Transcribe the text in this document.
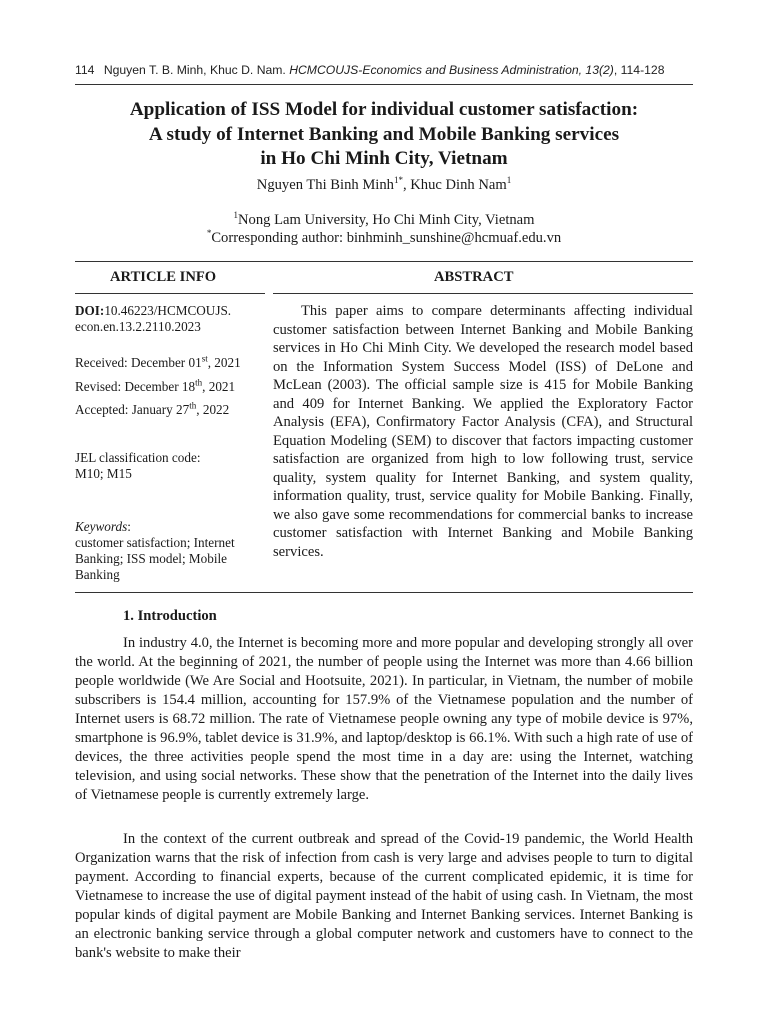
114 Nguyen T. B. Minh, Khuc D. Nam. HCMCOUJS-Economics and Business Administration, 13(2), 114-128
Application of ISS Model for individual customer satisfaction:
A study of Internet Banking and Mobile Banking services
in Ho Chi Minh City, Vietnam
Nguyen Thi Binh Minh$^{1*}$, Khuc Dinh Nam$^1$
$^1$Nong Lam University, Ho Chi Minh City, Vietnam
*Corresponding author: binhminh_sunshine@hcmuaf.edu.vn
ARTICLE INFO	ABSTRACT
DOI:10.46223/HCMCOUJS.
econ.en.13.2.2110.2023
Received: December 01st, 2021
Revised: December 18th, 2021
Accepted: January 27th, 2022
JEL classification code:
M10; M15
Keywords:
customer satisfaction; Internet Banking; ISS model; Mobile Banking
This paper aims to compare determinants affecting individual customer satisfaction between Internet Banking and Mobile Banking services in Ho Chi Minh City. We developed the research model based on the Information System Success Model (ISS) of DeLone and McLean (2003). The official sample size is 415 for Mobile Banking and 409 for Internet Banking. We applied the Exploratory Factor Analysis (EFA), Confirmatory Factor Analysis (CFA), and Structural Equation Modeling (SEM) to discover that factors impacting customer satisfaction are organized from high to low following trust, service quality, system quality for Internet Banking, and system quality, information quality, trust, service quality for Mobile Banking. Finally, we also gave some recommendations for commercial banks to increase customer satisfaction with Internet Banking and Mobile Banking services.
1. Introduction
In industry 4.0, the Internet is becoming more and more popular and developing strongly all over the world. At the beginning of 2021, the number of people using the Internet was more than 4.66 billion people worldwide (We Are Social and Hootsuite, 2021). In particular, in Vietnam, the number of mobile subscribers is 154.4 million, accounting for 157.9% of the Vietnamese population and the number of Internet users is 68.72 million. The rate of Vietnamese people owning any type of mobile device is 97%, smartphone is 96.9%, tablet device is 31.9%, and laptop/desktop is 66.1%. With such a high rate of use of devices, the three activities people spend the most time in a day are: using the Internet, watching television, and using social networks. These show that the penetration of the Internet into the daily lives of Vietnamese people is currently extremely large.
In the context of the current outbreak and spread of the Covid-19 pandemic, the World Health Organization warns that the risk of infection from cash is very large and advises people to turn to digital payment. According to financial experts, because of the current complicated epidemic, it is time for Vietnamese to increase the use of digital payment instead of the habit of using cash. In Vietnam, the most popular kinds of digital payment are Mobile Banking and Internet Banking services. Internet Banking is an electronic banking service through a global computer network and customers have to connect to the bank's website to make their
